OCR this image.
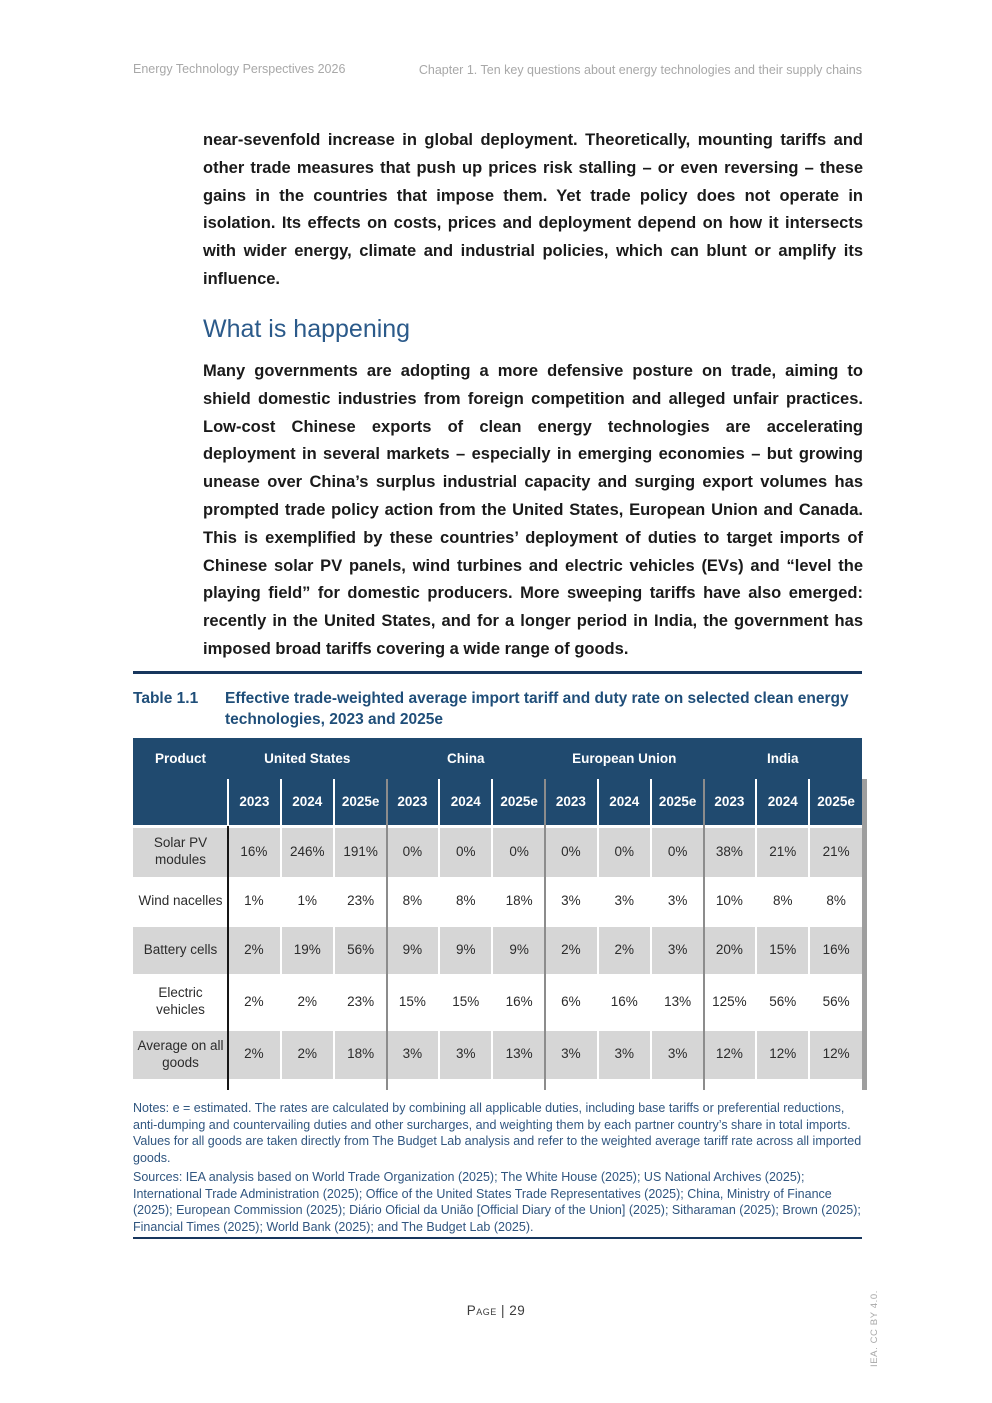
Energy Technology Perspectives 2026	Chapter 1. Ten key questions about energy technologies and their supply chains
near-sevenfold increase in global deployment. Theoretically, mounting tariffs and other trade measures that push up prices risk stalling – or even reversing – these gains in the countries that impose them. Yet trade policy does not operate in isolation. Its effects on costs, prices and deployment depend on how it intersects with wider energy, climate and industrial policies, which can blunt or amplify its influence.
What is happening
Many governments are adopting a more defensive posture on trade, aiming to shield domestic industries from foreign competition and alleged unfair practices. Low-cost Chinese exports of clean energy technologies are accelerating deployment in several markets – especially in emerging economies – but growing unease over China’s surplus industrial capacity and surging export volumes has prompted trade policy action from the United States, European Union and Canada. This is exemplified by these countries’ deployment of duties to target imports of Chinese solar PV panels, wind turbines and electric vehicles (EVs) and “level the playing field” for domestic producers. More sweeping tariffs have also emerged: recently in the United States, and for a longer period in India, the government has imposed broad tariffs covering a wide range of goods.
Table 1.1	Effective trade-weighted average import tariff and duty rate on selected clean energy technologies, 2023 and 2025e
Product	United States			China			European Union			India		
	2023	2024	2025e	2023	2024	2025e	2023	2024	2025e	2023	2024	2025e
Solar PV modules	16%	246%	191%	0%	0%	0%	0%	0%	0%	38%	21%	21%
Wind nacelles	1%	1%	23%	8%	8%	18%	3%	3%	3%	10%	8%	8%
Battery cells	2%	19%	56%	9%	9%	9%	2%	2%	3%	20%	15%	16%
Electric vehicles	2%	2%	23%	15%	15%	16%	6%	16%	13%	125%	56%	56%
Average on all goods	2%	2%	18%	3%	3%	13%	3%	3%	3%	12%	12%	12%
Notes: e = estimated. The rates are calculated by combining all applicable duties, including base tariffs or preferential reductions, anti-dumping and countervailing duties and other surcharges, and weighting them by each partner country’s share in total imports. Values for all goods are taken directly from The Budget Lab analysis and refer to the weighted average tariff rate across all imported goods.
Sources: IEA analysis based on World Trade Organization (2025); The White House (2025); US National Archives (2025); International Trade Administration (2025); Office of the United States Trade Representatives (2025); China, Ministry of Finance (2025); European Commission (2025); Diário Oficial da União [Official Diary of the Union] (2025); Sitharaman (2025); Brown (2025); Financial Times (2025); World Bank (2025); and The Budget Lab (2025).
Page | 29	IEA. CC BY 4.0.
